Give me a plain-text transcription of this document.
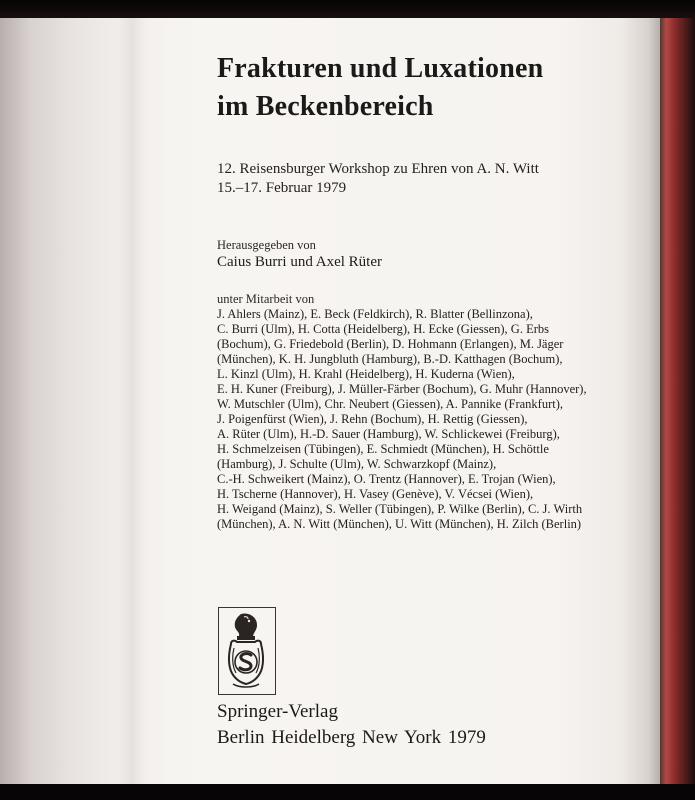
Frakturen und Luxationen
im Beckenbereich
12. Reisensburger Workshop zu Ehren von A. N. Witt
15.–17. Februar 1979
Herausgegeben von
Caius Burri und Axel Rüter
unter Mitarbeit von
J. Ahlers (Mainz), E. Beck (Feldkirch), R. Blatter (Bellinzona),
C. Burri (Ulm), H. Cotta (Heidelberg), H. Ecke (Giessen), G. Erbs
(Bochum), G. Friedebold (Berlin), D. Hohmann (Erlangen), M. Jäger
(München), K. H. Jungbluth (Hamburg), B.-D. Katthagen (Bochum),
L. Kinzl (Ulm), H. Krahl (Heidelberg), H. Kuderna (Wien),
E. H. Kuner (Freiburg), J. Müller-Färber (Bochum), G. Muhr (Hannover),
W. Mutschler (Ulm), Chr. Neubert (Giessen), A. Pannike (Frankfurt),
J. Poigenfürst (Wien), J. Rehn (Bochum), H. Rettig (Giessen),
A. Rüter (Ulm), H.-D. Sauer (Hamburg), W. Schlickewei (Freiburg),
H. Schmelzeisen (Tübingen), E. Schmiedt (München), H. Schöttle
(Hamburg), J. Schulte (Ulm), W. Schwarzkopf (Mainz),
C.-H. Schweikert (Mainz), O. Trentz (Hannover), E. Trojan (Wien),
H. Tscherne (Hannover), H. Vasey (Genève), V. Vécsei (Wien),
H. Weigand (Mainz), S. Weller (Tübingen), P. Wilke (Berlin), C. J. Wirth
(München), A. N. Witt (München), U. Witt (München), H. Zilch (Berlin)
Springer-Verlag
Berlin Heidelberg New York 1979
